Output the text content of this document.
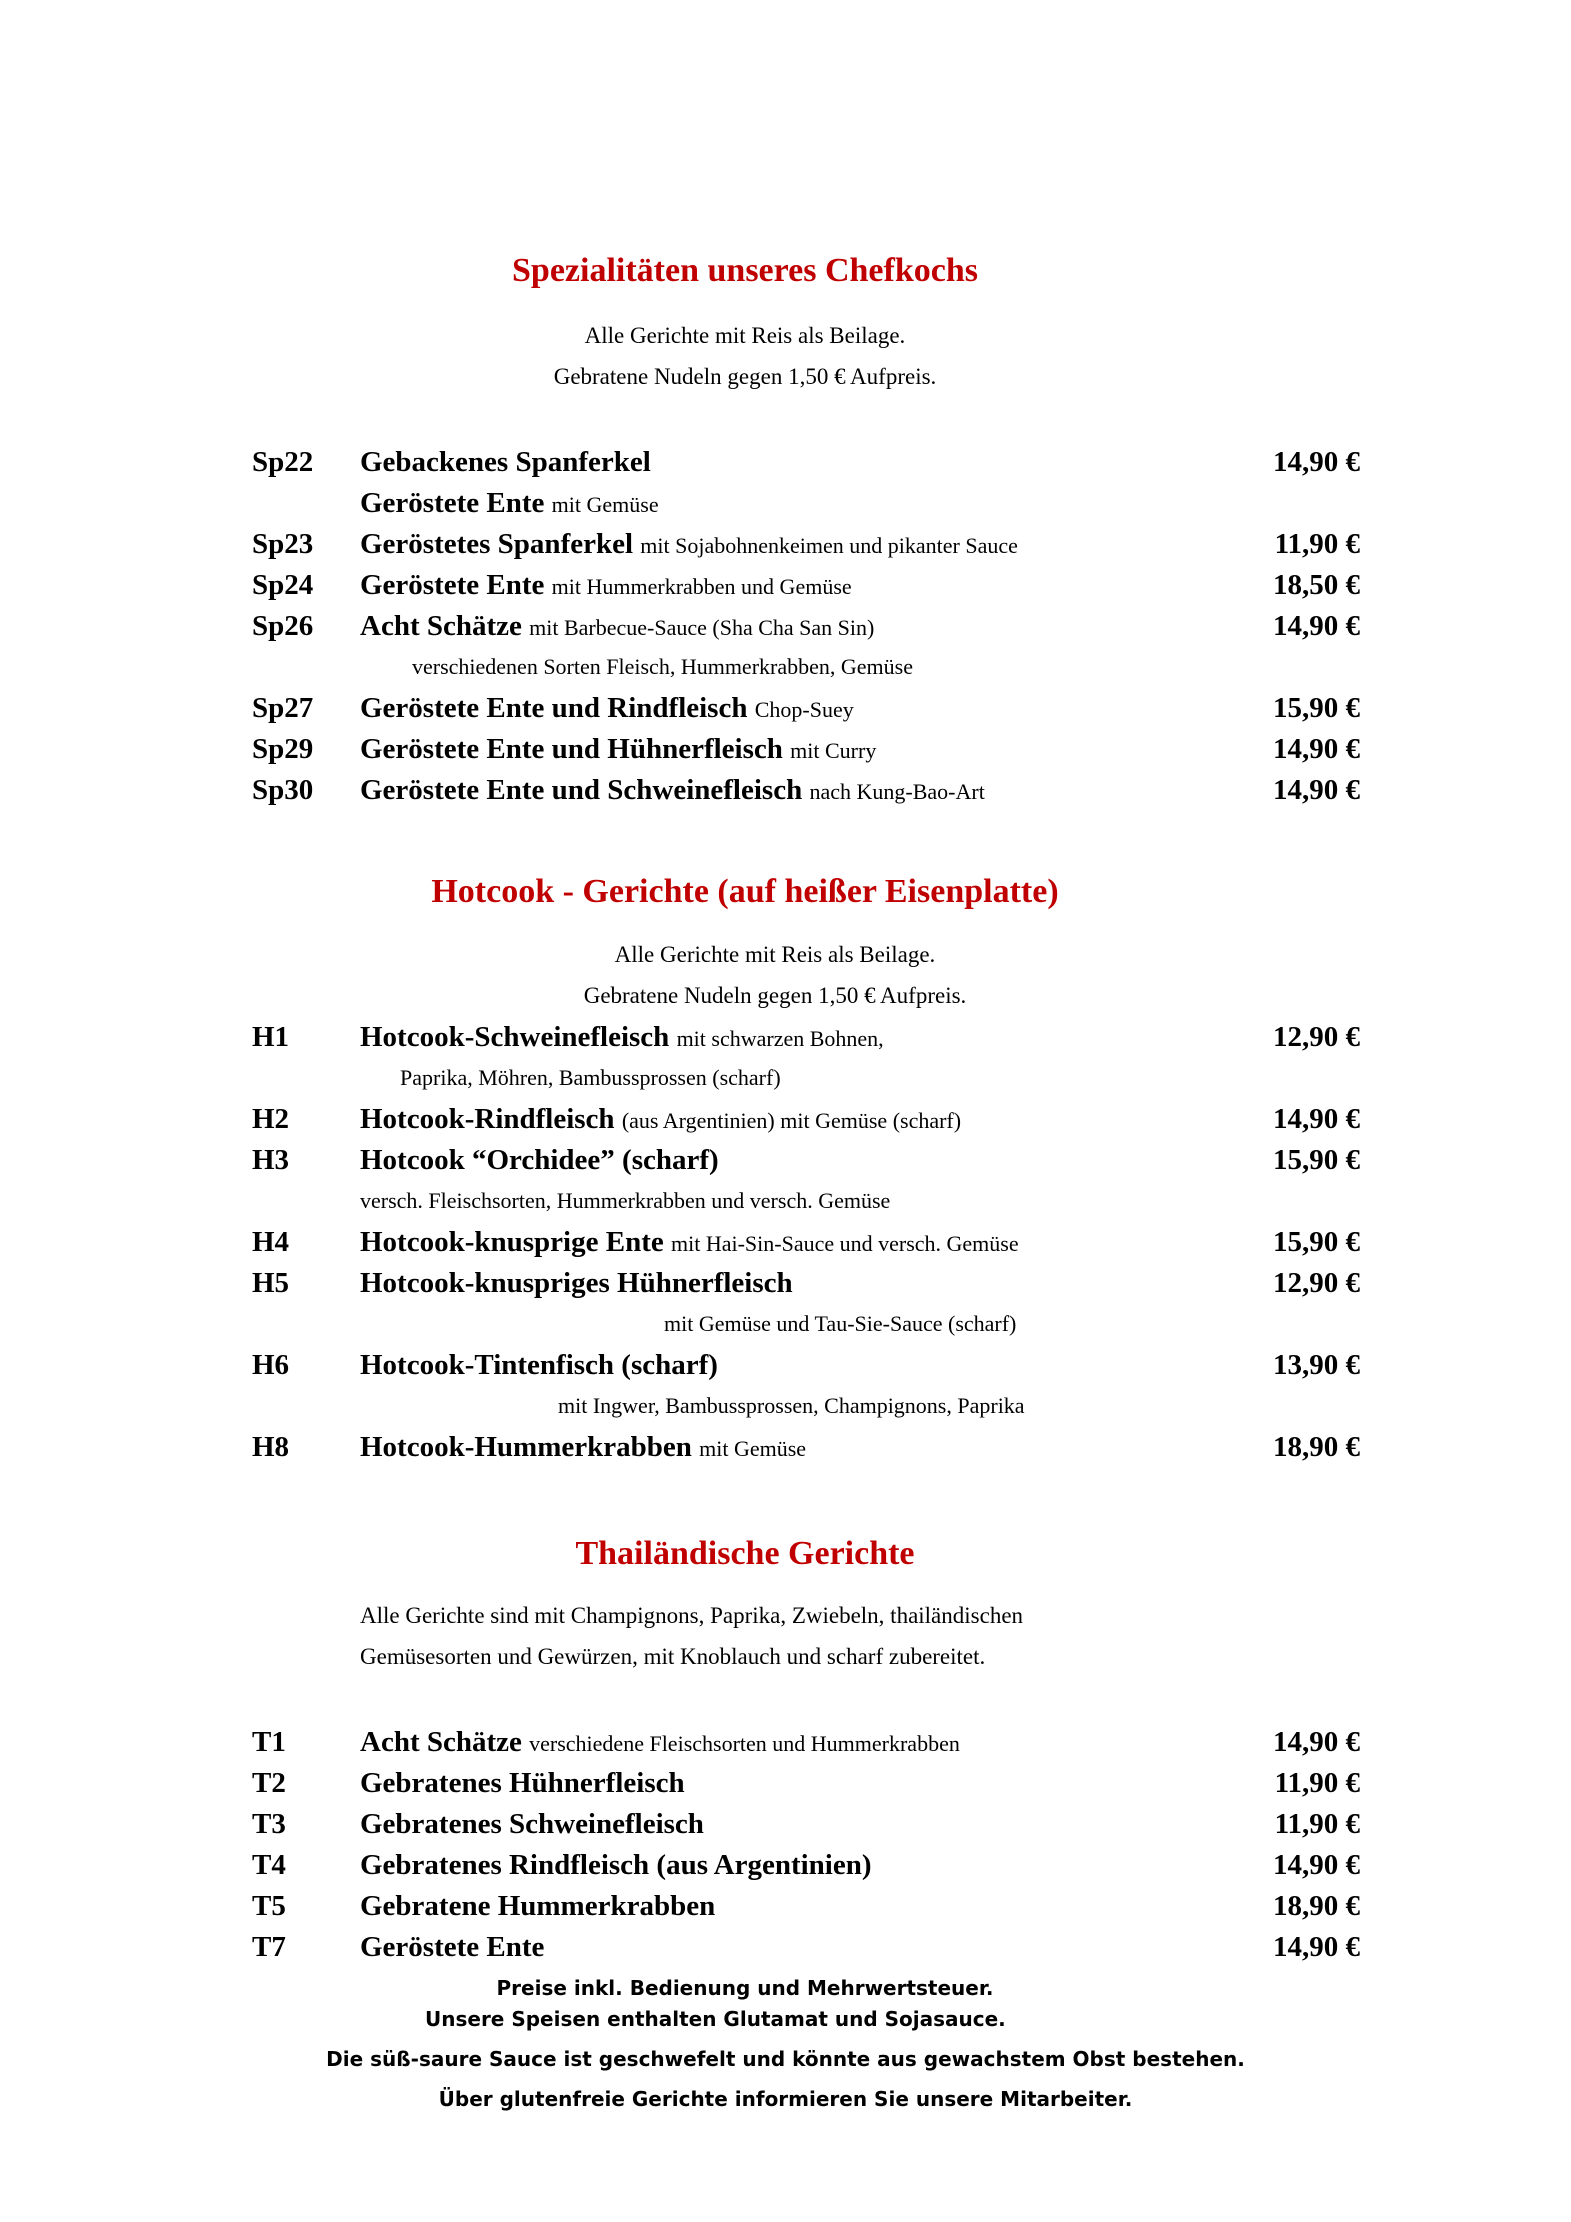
Spezialitäten unseres Chefkochs
Alle Gerichte mit Reis als Beilage.
Gebratene Nudeln gegen 1,50 € Aufpreis.
Sp22 Gebackenes Spanferkel	14,90 €
Geröstete Ente mit Gemüse
Sp23 Geröstetes Spanferkel mit Sojabohnenkeimen und pikanter Sauce	11,90 €
Sp24 Geröstete Ente mit Hummerkrabben und Gemüse	18,50 €
Sp26 Acht Schätze mit Barbecue-Sauce (Sha Cha San Sin)	14,90 €
verschiedenen Sorten Fleisch, Hummerkrabben, Gemüse
Sp27 Geröstete Ente und Rindfleisch Chop-Suey	15,90 €
Sp29 Geröstete Ente und Hühnerfleisch mit Curry	14,90 €
Sp30 Geröstete Ente und Schweinefleisch nach Kung-Bao-Art	14,90 €
Hotcook - Gerichte (auf heißer Eisenplatte)
Alle Gerichte mit Reis als Beilage.
Gebratene Nudeln gegen 1,50 € Aufpreis.
H1 Hotcook-Schweinefleisch mit schwarzen Bohnen,	12,90 €
Paprika, Möhren, Bambussprossen (scharf)
H2 Hotcook-Rindfleisch (aus Argentinien) mit Gemüse (scharf)	14,90 €
H3 Hotcook “Orchidee” (scharf)	15,90 €
versch. Fleischsorten, Hummerkrabben und versch. Gemüse
H4 Hotcook-knusprige Ente mit Hai-Sin-Sauce und versch. Gemüse	15,90 €
H5 Hotcook-knuspriges Hühnerfleisch	12,90 €
mit Gemüse und Tau-Sie-Sauce (scharf)
H6 Hotcook-Tintenfisch (scharf)	13,90 €
mit Ingwer, Bambussprossen, Champignons, Paprika
H8 Hotcook-Hummerkrabben mit Gemüse	18,90 €
Thailändische Gerichte
Alle Gerichte sind mit Champignons, Paprika, Zwiebeln, thailändischen
Gemüsesorten und Gewürzen, mit Knoblauch und scharf zubereitet.
T1	Acht Schätze verschiedene Fleischsorten und Hummerkrabben	14,90 €
T2	Gebratenes Hühnerfleisch	11,90 €
T3	Gebratenes Schweinefleisch	11,90 €
T4	Gebratenes Rindfleisch (aus Argentinien)	14,90 €
T5	Gebratene Hummerkrabben	18,90 €
T7	Geröstete Ente	14,90 €
Preise inkl. Bedienung und Mehrwertsteuer.
Unsere Speisen enthalten Glutamat und Sojasauce.
Die süß-saure Sauce ist geschwefelt und könnte aus gewachstem Obst bestehen.
Über glutenfreie Gerichte informieren Sie unsere Mitarbeiter.
